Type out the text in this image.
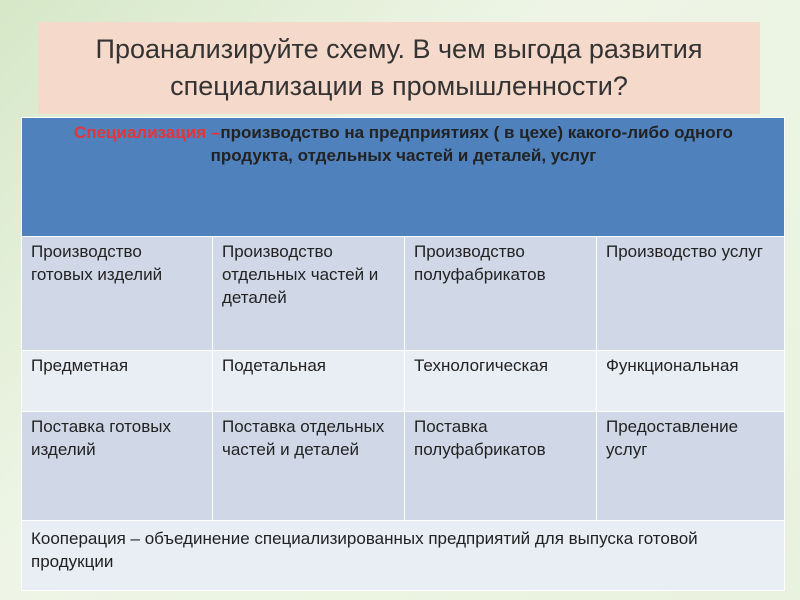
Проанализируйте схему. В чем выгода развития специализации в промышленности?
Специализация –производство на предприятиях ( в цехе) какого-либо одного продукта, отдельных частей и деталей, услуг			
Производство готовых изделий	Производство отдельных частей и деталей	Производство полуфабрикатов	Производство услуг
Предметная	Подетальная	Технологическая	Функциональная
Поставка готовых изделий	Поставка отдельных частей и деталей	Поставка полуфабрикатов	Предоставление услуг
Кооперация – объединение специализированных предприятий для выпуска готовой продукции			
